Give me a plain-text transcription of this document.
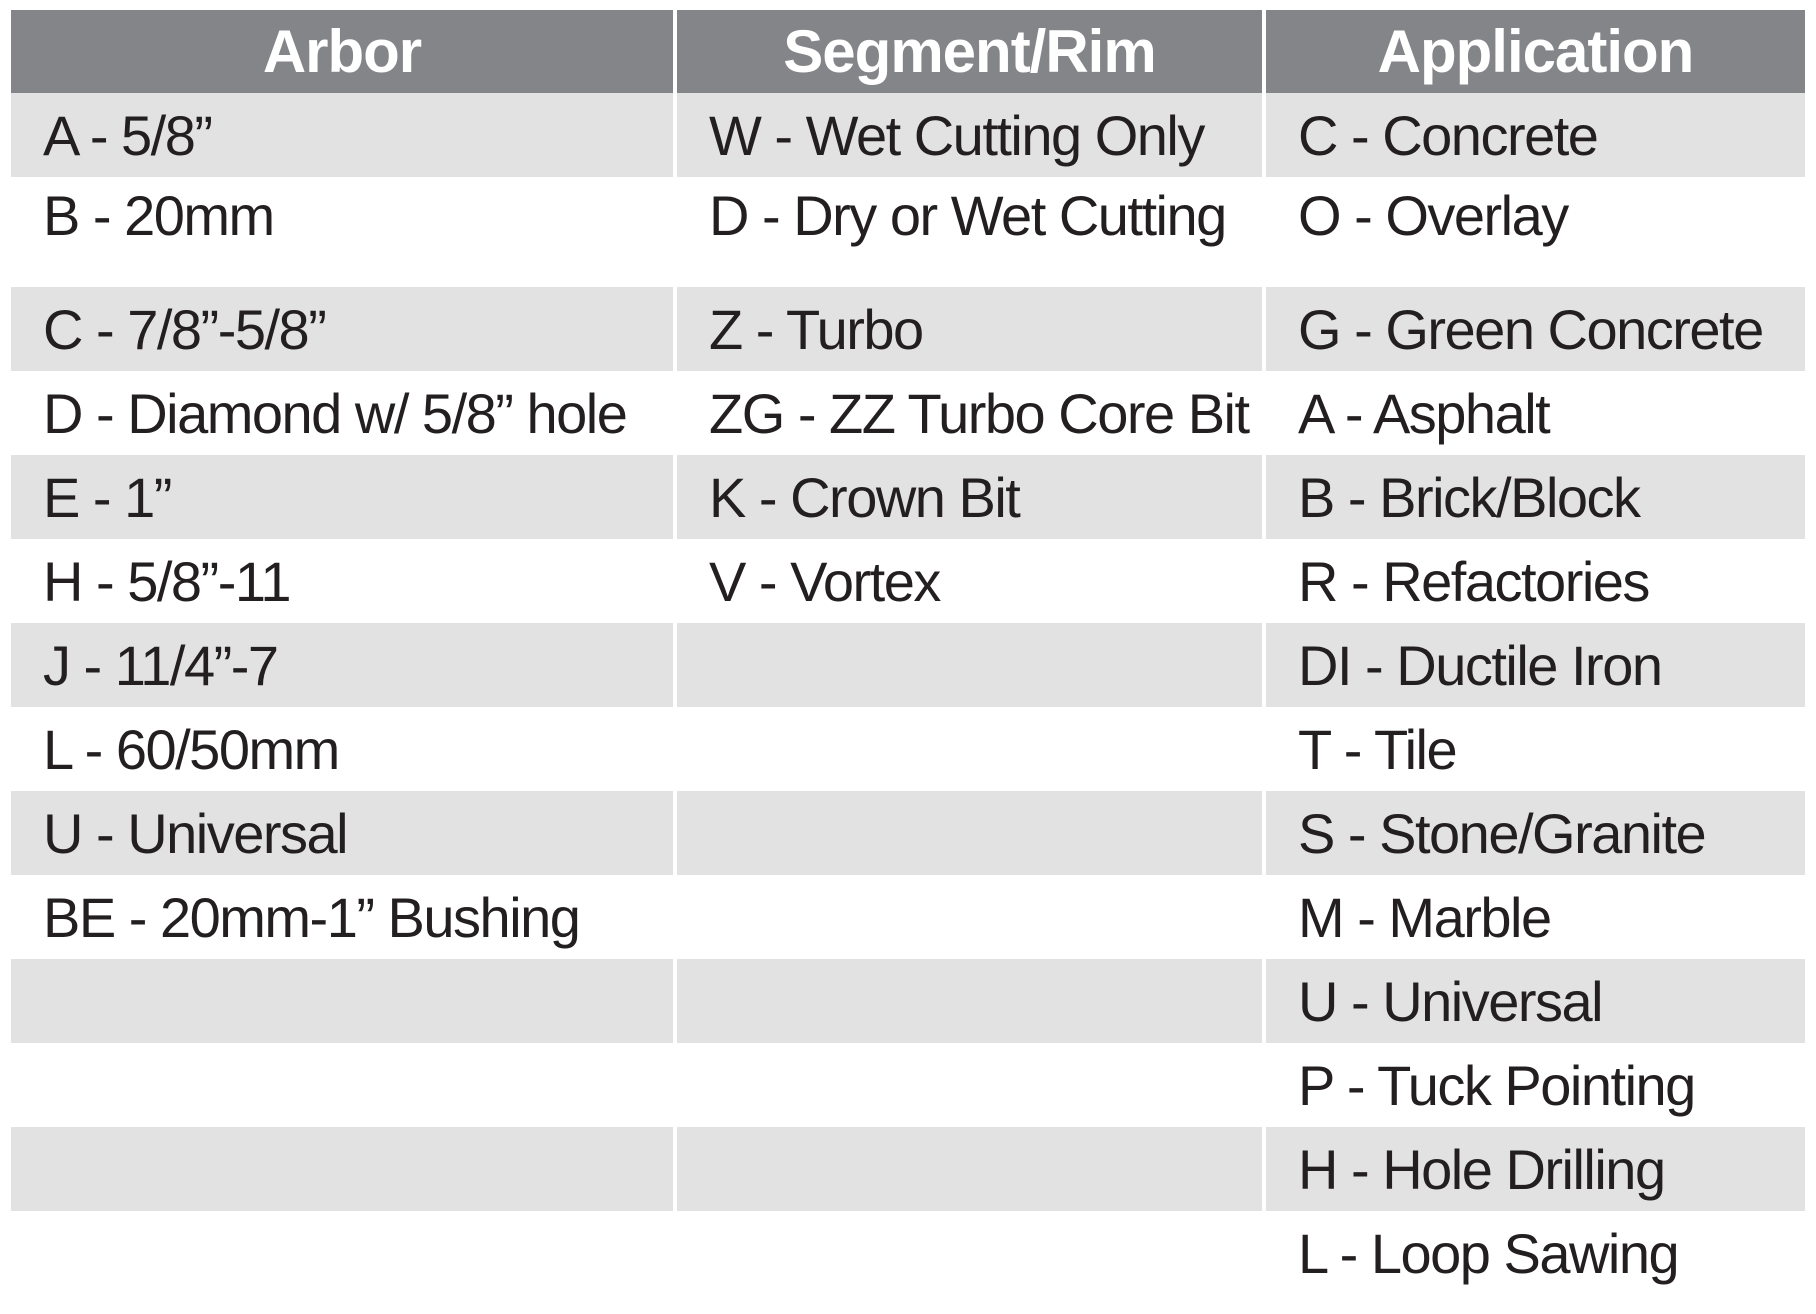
Arbor	Segment/Rim	Application
A - 5/8”	W - Wet Cutting Only	C - Concrete
B - 20mm	D - Dry or Wet Cutting	O - Overlay
C - 7/8”-5/8”	Z - Turbo	G - Green Concrete
D - Diamond w/ 5/8” hole	ZG - ZZ Turbo Core Bit	A - Asphalt
E - 1”	K - Crown Bit	B - Brick/Block
H - 5/8”-11	V - Vortex	R - Refactories
J - 11/4”-7		DI - Ductile Iron
L - 60/50mm		T - Tile
U - Universal		S - Stone/Granite
BE - 20mm-1” Bushing		M - Marble
		U - Universal
		P - Tuck Pointing
		H - Hole Drilling
		L - Loop Sawing
